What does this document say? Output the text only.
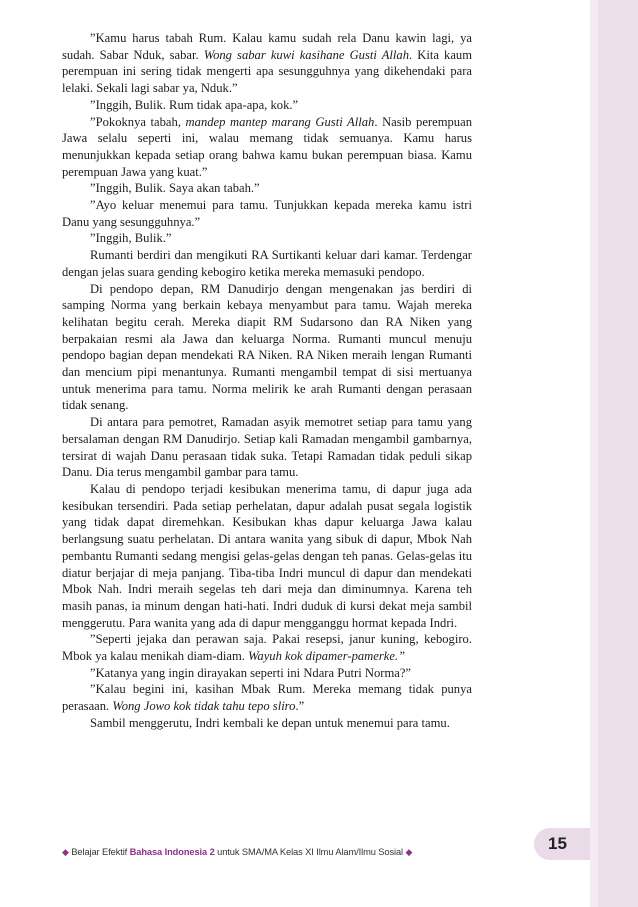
”Kamu harus tabah Rum. Kalau kamu sudah rela Danu kawin lagi, ya sudah. Sabar Nduk, sabar. Wong sabar kuwi kasihane Gusti Allah. Kita kaum perempuan ini sering tidak mengerti apa sesungguhnya yang dikehendaki para lelaki. Sekali lagi sabar ya, Nduk.”

”Inggih, Bulik. Rum tidak apa-apa, kok.”

”Pokoknya tabah, mandep mantep marang Gusti Allah. Nasib perempuan Jawa selalu seperti ini, walau memang tidak semuanya. Kamu harus menunjukkan kepada setiap orang bahwa kamu bukan perempuan biasa. Kamu perempuan Jawa yang kuat.”

”Inggih, Bulik. Saya akan tabah.”

”Ayo keluar menemui para tamu. Tunjukkan kepada mereka kamu istri Danu yang sesungguhnya.”

”Inggih, Bulik.”

Rumanti berdiri dan mengikuti RA Surtikanti keluar dari kamar. Terdengar dengan jelas suara gending kebogiro ketika mereka memasuki pendopo.

Di pendopo depan, RM Danudirjo dengan mengenakan jas berdiri di samping Norma yang berkain kebaya menyambut para tamu. Wajah mereka kelihatan begitu cerah. Mereka diapit RM Sudarsono dan RA Niken yang berpakaian resmi ala Jawa dan keluarga Norma. Rumanti muncul menuju pendopo bagian depan mendekati RA Niken. RA Niken meraih lengan Rumanti dan mencium pipi menantunya. Rumanti mengambil tempat di sisi mertuanya untuk menerima para tamu. Norma melirik ke arah Rumanti dengan perasaan tidak senang.

Di antara para pemotret, Ramadan asyik memotret setiap para tamu yang bersalaman dengan RM Danudirjo. Setiap kali Ramadan mengambil gambarnya, tersirat di wajah Danu perasaan tidak suka. Tetapi Ramadan tidak peduli sikap Danu. Dia terus mengambil gambar para tamu.

Kalau di pendopo terjadi kesibukan menerima tamu, di dapur juga ada kesibukan tersendiri. Pada setiap perhelatan, dapur adalah pusat segala logistik yang tidak dapat diremehkan. Kesibukan khas dapur keluarga Jawa kalau berlangsung suatu perhelatan. Di antara wanita yang sibuk di dapur, Mbok Nah pembantu Rumanti sedang mengisi gelas-gelas dengan teh panas. Gelas-gelas itu diatur berjajar di meja panjang. Tiba-tiba Indri muncul di dapur dan mendekati Mbok Nah. Indri meraih segelas teh dari meja dan diminumnya. Karena teh masih panas, ia minum dengan hati-hati. Indri duduk di kursi dekat meja sambil menggerutu. Para wanita yang ada di dapur mengganggu hormat kepada Indri.

”Seperti jejaka dan perawan saja. Pakai resepsi, janur kuning, kebogiro. Mbok ya kalau menikah diam-diam. Wayuh kok dipamer-pamerke.”

”Katanya yang ingin dirayakan seperti ini Ndara Putri Norma?”

”Kalau begini ini, kasihan Mbak Rum. Mereka memang tidak punya perasaan. Wong Jowo kok tidak tahu tepo sliro.”

Sambil menggerutu, Indri kembali ke depan untuk menemui para tamu.

◆ Belajar Efektif Bahasa Indonesia 2 untuk SMA/MA Kelas XI Ilmu Alam/Ilmu Sosial ◆	15
